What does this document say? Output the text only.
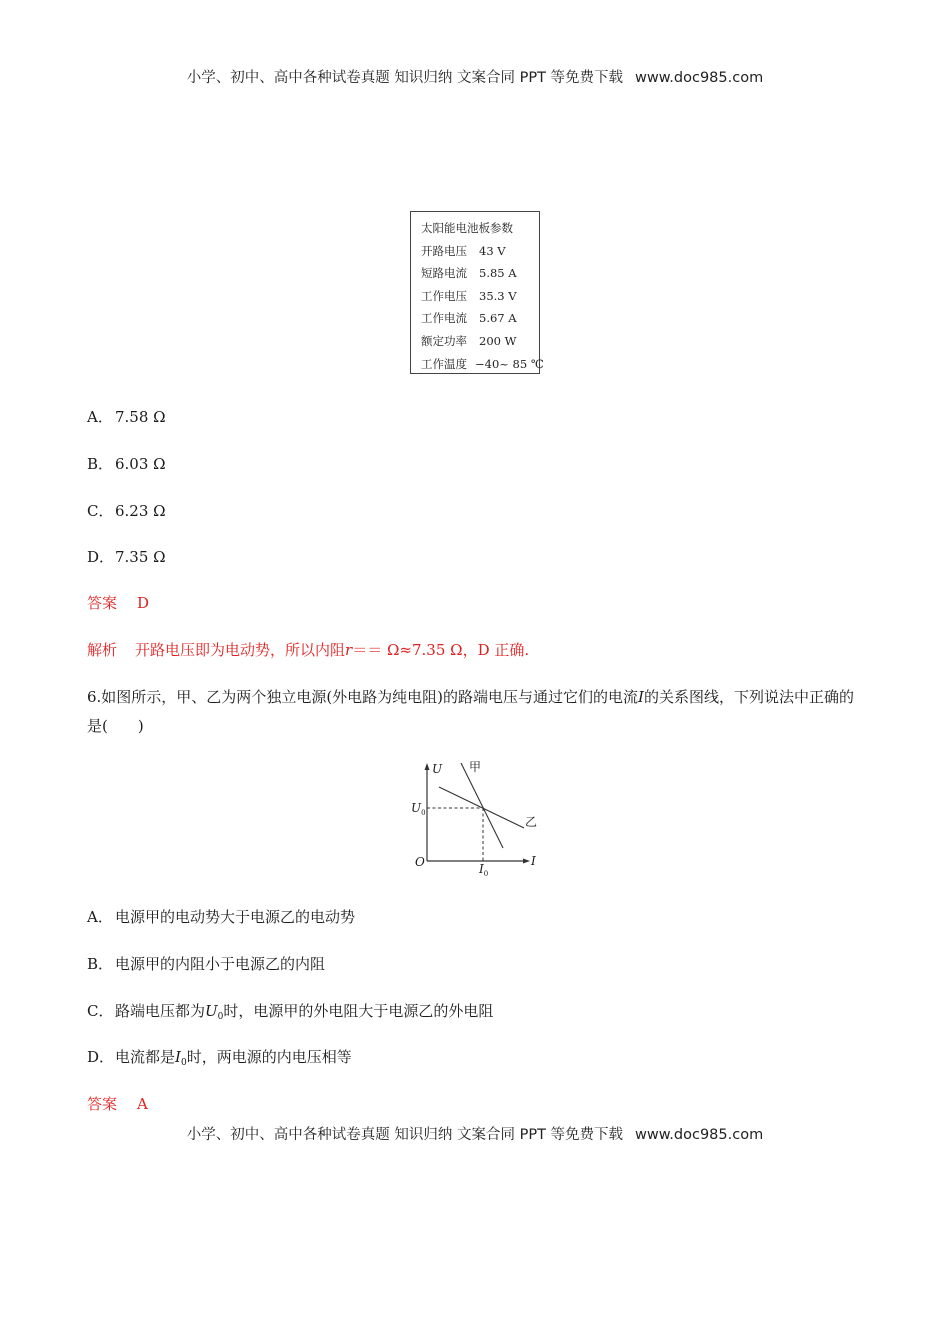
小学、初中、高中各种试卷真题 知识归纳 文案合同 PPT 等免费下载 www.doc985.com
太阳能电池板参数
开路电压 43 V
短路电流 5.85 A
工作电压 35.3 V
工作电流 5.67 A
额定功率 200 W
工作温度 −40~ 85 ℃
A． 7.58 Ω
B． 6.03 Ω
C． 6.23 Ω
D．7.35 Ω
答案 D
解析 开路电压即为电动势，所以内阻r＝＝ Ω≈7.35 Ω，D 正确.
6.如图所示，甲、乙为两个独立电源(外电路为纯电阻)的路端电压与通过它们的电流I的关系图线，下列说法中正确的是(　　)
U
I
O
$U_0$
$I_0$
甲
乙
A． 电源甲的电动势大于电源乙的电动势
B． 电源甲的内阻小于电源乙的内阻
C． 路端电压都为$U_0$时，电源甲的外电阻大于电源乙的外电阻
D．电流都是$I_0$时，两电源的内电压相等
答案 A
小学、初中、高中各种试卷真题 知识归纳 文案合同 PPT 等免费下载 www.doc985.com
